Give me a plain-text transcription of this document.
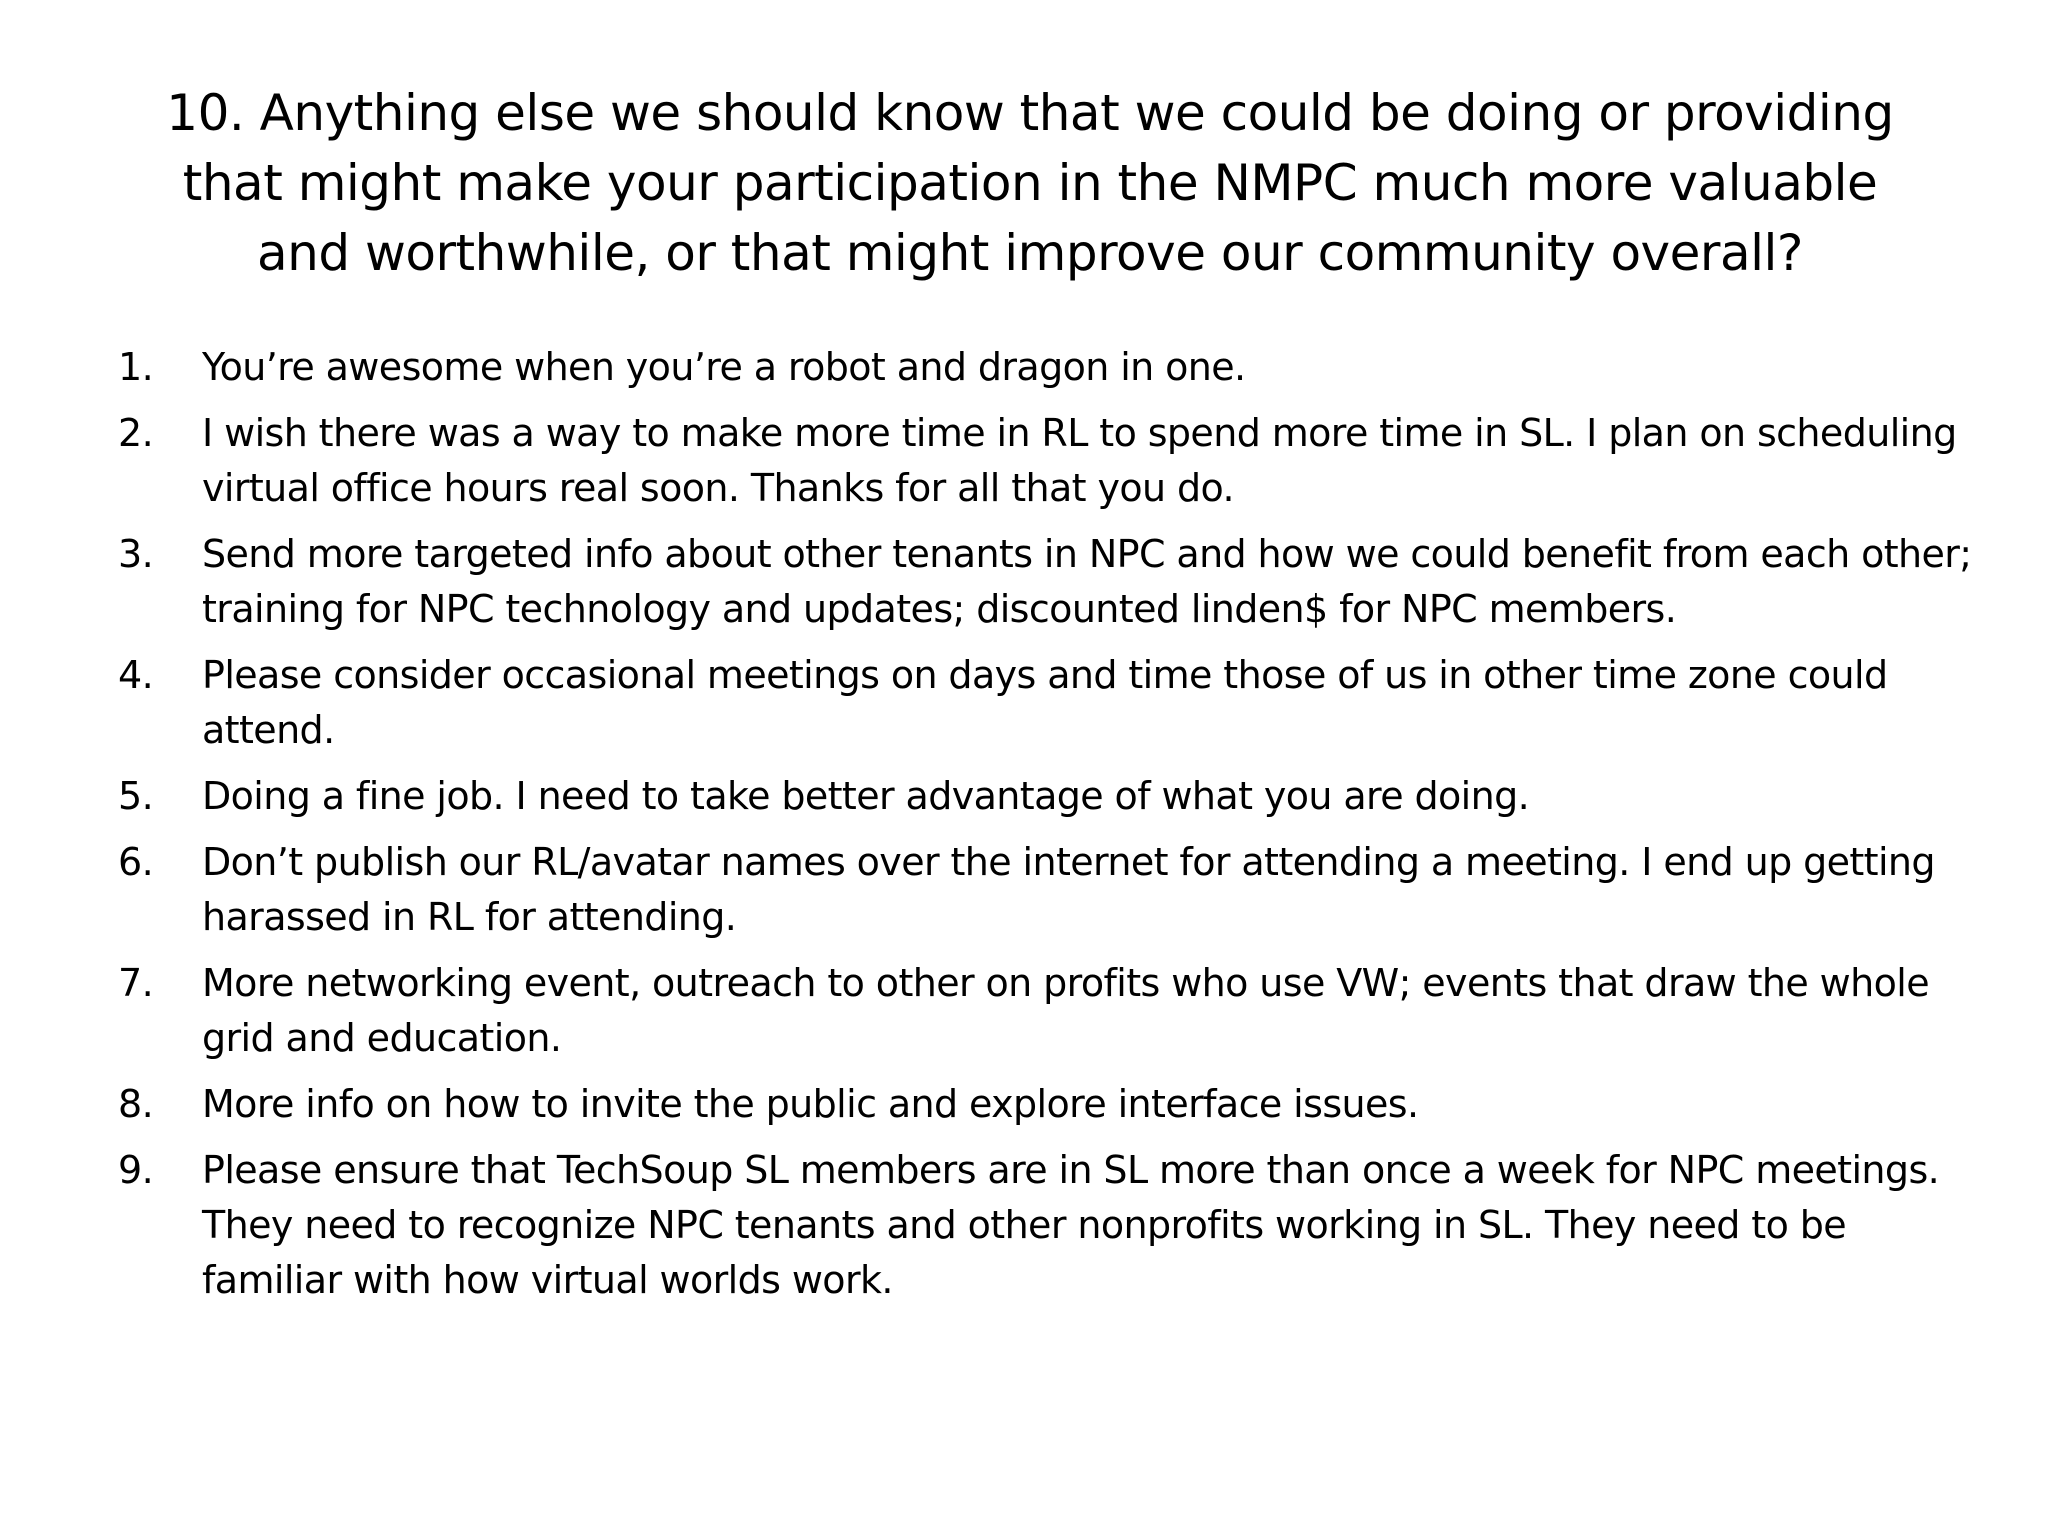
10. Anything else we should know that we could be doing or providing that might make your participation in the NMPC much more valuable and worthwhile, or that might improve our community overall?
1.	You’re awesome when you’re a robot and dragon in one.
2.	I wish there was a way to make more time in RL to spend more time in SL. I plan on scheduling virtual office hours real soon. Thanks for all that you do.
3.	Send more targeted info about other tenants in NPC and how we could benefit from each other; training for NPC technology and updates; discounted linden$ for NPC members.
4.	Please consider occasional meetings on days and time those of us in other time zone could attend.
5.	Doing a fine job. I need to take better advantage of what you are doing.
6.	Don’t publish our RL/avatar names over the internet for attending a meeting. I end up getting harassed in RL for attending.
7.	More networking event, outreach to other on profits who use VW; events that draw the whole grid and education.
8.	More info on how to invite the public and explore interface issues.
9.	Please ensure that TechSoup SL members are in SL more than once a week for NPC meetings. They need to recognize NPC tenants and other nonprofits working in SL. They need to be familiar with how virtual worlds work.
